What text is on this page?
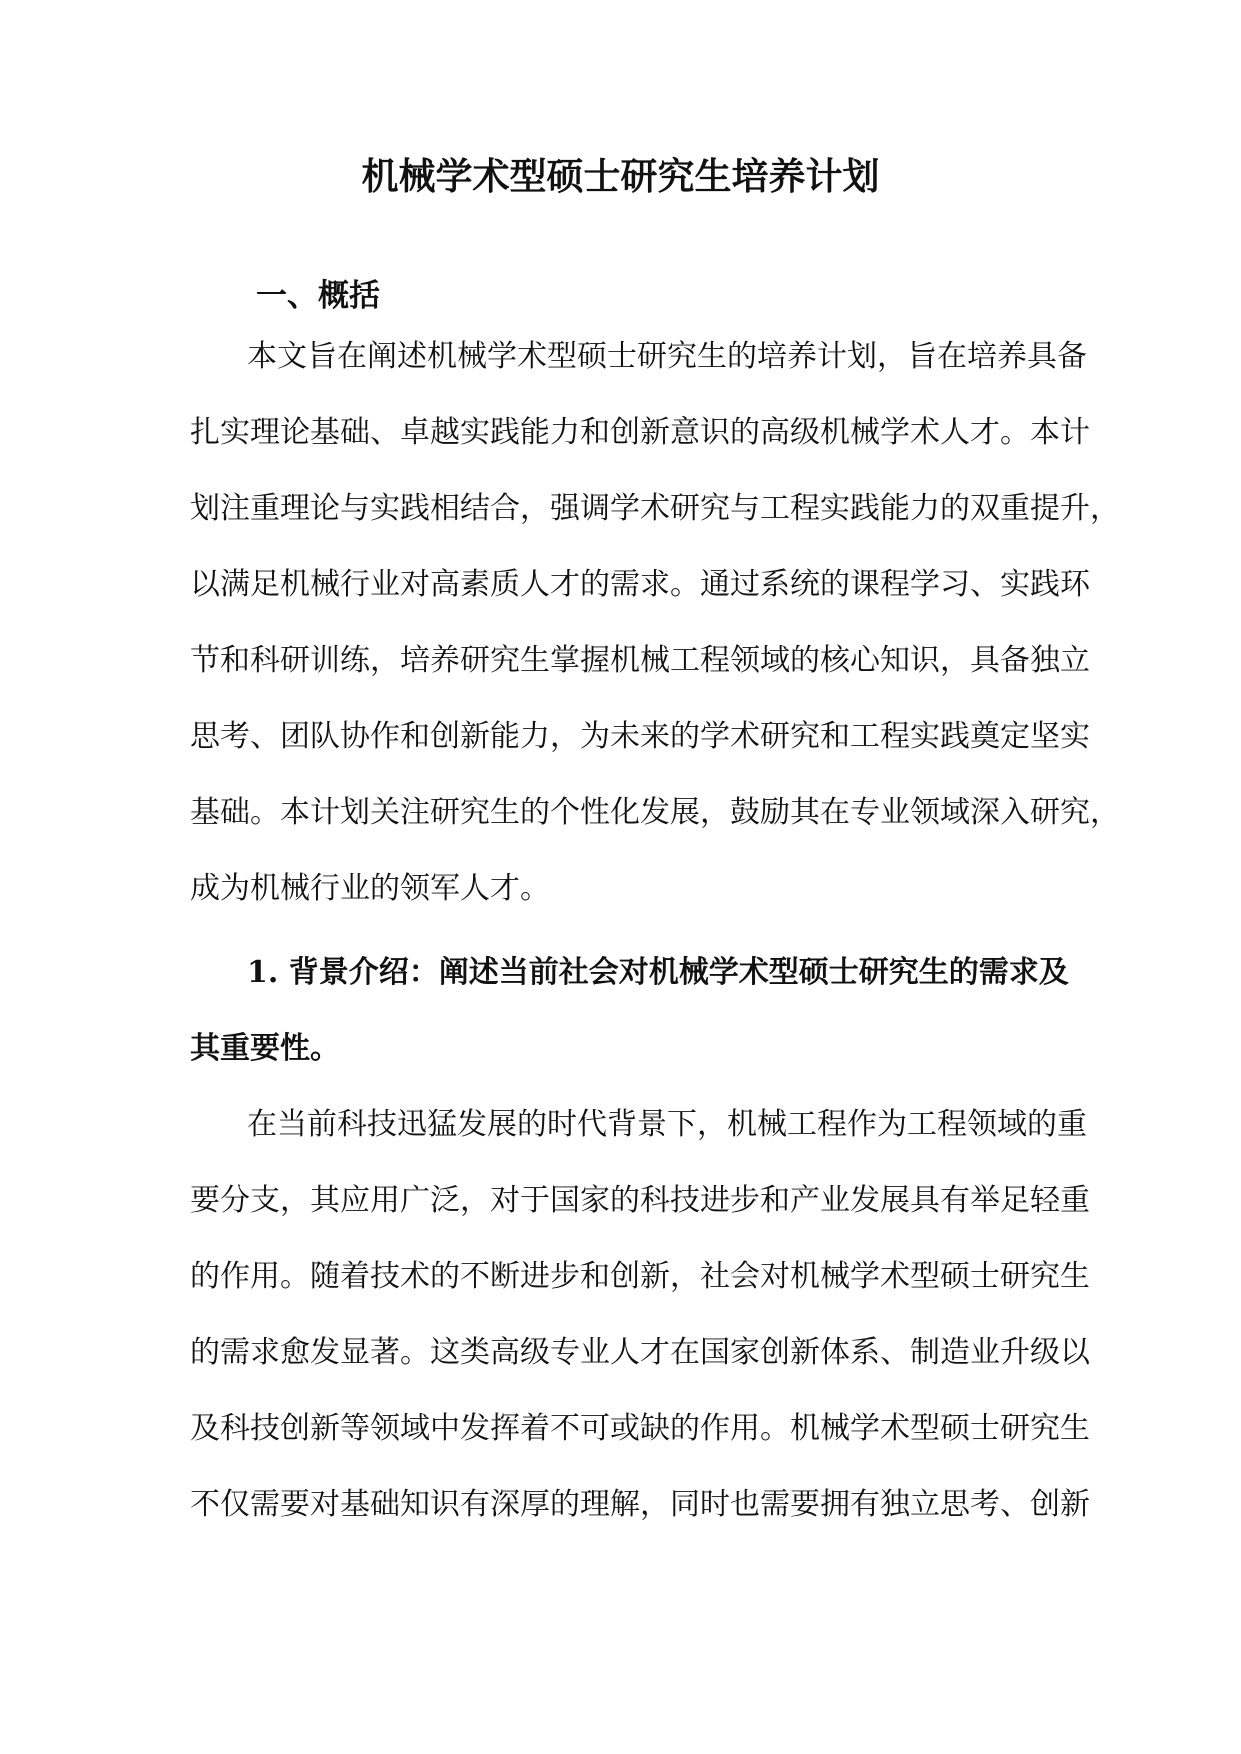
机械学术型硕士研究生培养计划
一、概括
本文旨在阐述机械学术型硕士研究生的培养计划，旨在培养具备
扎实理论基础、卓越实践能力和创新意识的高级机械学术人才。本计
划注重理论与实践相结合，强调学术研究与工程实践能力的双重提升，
以满足机械行业对高素质人才的需求。通过系统的课程学习、实践环
节和科研训练，培养研究生掌握机械工程领域的核心知识，具备独立
思考、团队协作和创新能力，为未来的学术研究和工程实践奠定坚实
基础。本计划关注研究生的个性化发展，鼓励其在专业领域深入研究，
成为机械行业的领军人才。
1. 背景介绍：阐述当前社会对机械学术型硕士研究生的需求及
其重要性。
在当前科技迅猛发展的时代背景下，机械工程作为工程领域的重
要分支，其应用广泛，对于国家的科技进步和产业发展具有举足轻重
的作用。随着技术的不断进步和创新，社会对机械学术型硕士研究生
的需求愈发显著。这类高级专业人才在国家创新体系、制造业升级以
及科技创新等领域中发挥着不可或缺的作用。机械学术型硕士研究生
不仅需要对基础知识有深厚的理解，同时也需要拥有独立思考、创新
